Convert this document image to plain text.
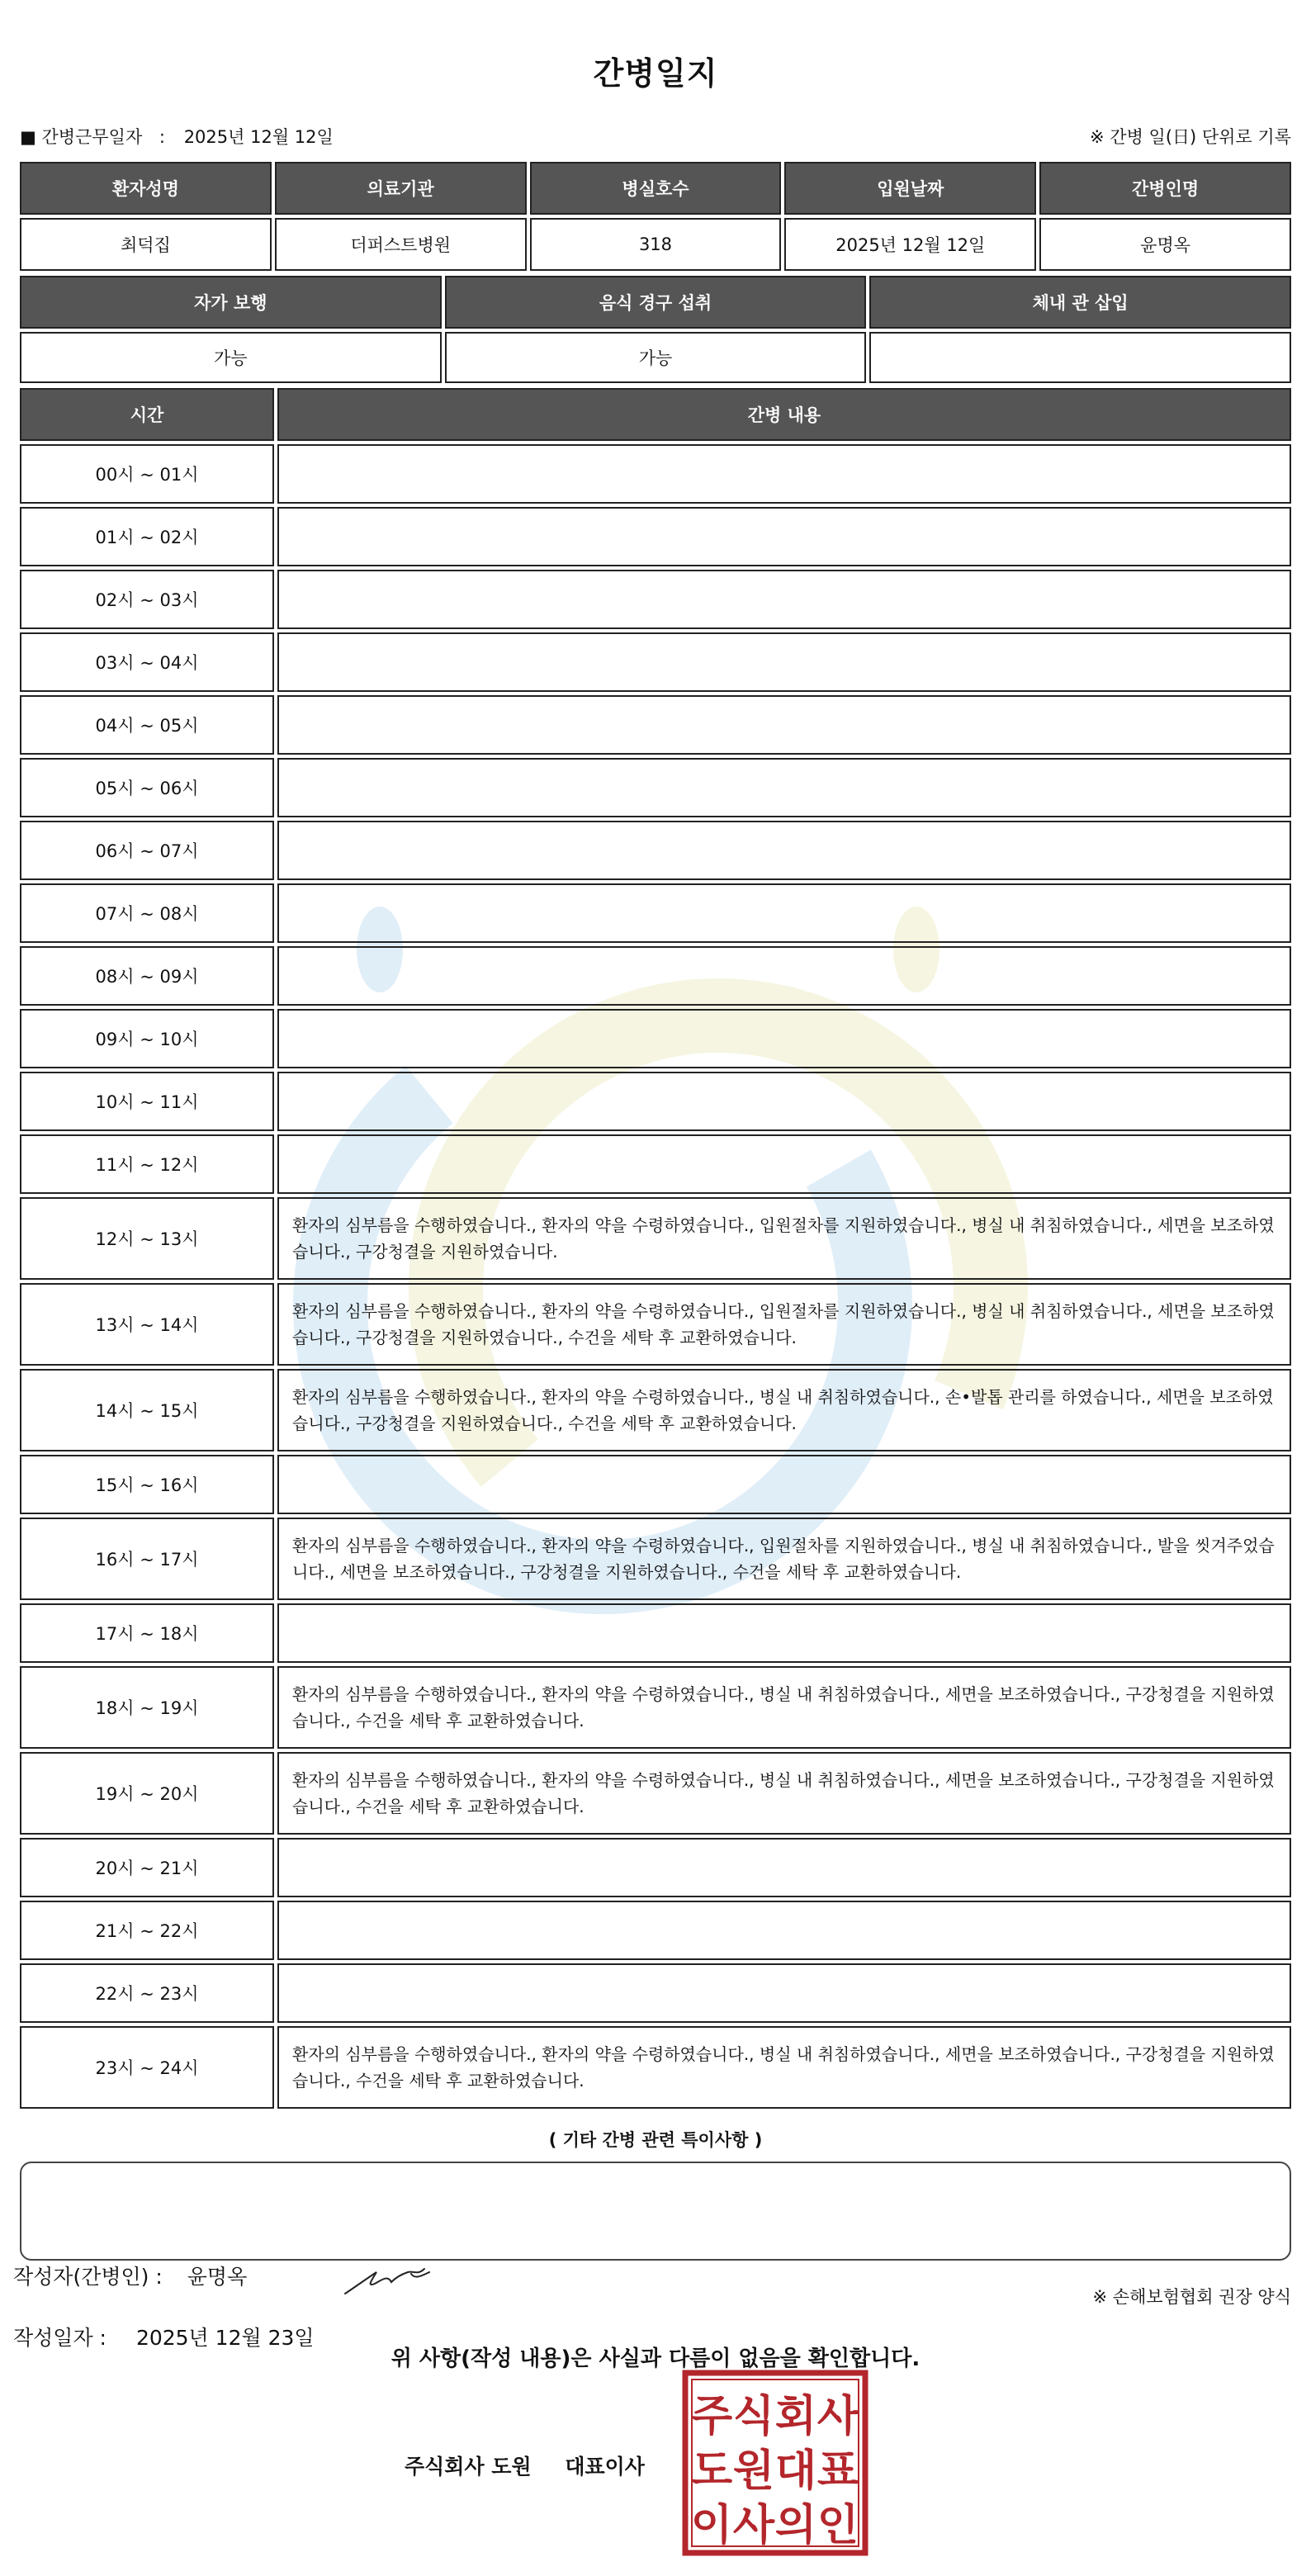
간병일지
■ 간병근무일자 : 2025년 12월 12일	※ 간병 일(日) 단위로 기록
환자성명	의료기관	병실호수	입원날짜	간병인명
최덕집	더퍼스트병원	318	2025년 12월 12일	윤명옥
자가 보행	음식 경구 섭취	체내 관 삽입
가능	가능	
시간	간병 내용
00시 ~ 01시	
01시 ~ 02시	
02시 ~ 03시	
03시 ~ 04시	
04시 ~ 05시	
05시 ~ 06시	
06시 ~ 07시	
07시 ~ 08시	
08시 ~ 09시	
09시 ~ 10시	
10시 ~ 11시	
11시 ~ 12시	
12시 ~ 13시	환자의 심부름을 수행하였습니다., 환자의 약을 수령하였습니다., 입원절차를 지원하였습니다., 병실 내 취침하였습니다., 세면을 보조하였습니다., 구강청결을 지원하였습니다.
13시 ~ 14시	환자의 심부름을 수행하였습니다., 환자의 약을 수령하였습니다., 입원절차를 지원하였습니다., 병실 내 취침하였습니다., 세면을 보조하였습니다., 구강청결을 지원하였습니다., 수건을 세탁 후 교환하였습니다.
14시 ~ 15시	환자의 심부름을 수행하였습니다., 환자의 약을 수령하였습니다., 병실 내 취침하였습니다., 손•발톱 관리를 하였습니다., 세면을 보조하였습니다., 구강청결을 지원하였습니다., 수건을 세탁 후 교환하였습니다.
15시 ~ 16시	
16시 ~ 17시	환자의 심부름을 수행하였습니다., 환자의 약을 수령하였습니다., 입원절차를 지원하였습니다., 병실 내 취침하였습니다., 발을 씻겨주었습니다., 세면을 보조하였습니다., 구강청결을 지원하였습니다., 수건을 세탁 후 교환하였습니다.
17시 ~ 18시	
18시 ~ 19시	환자의 심부름을 수행하였습니다., 환자의 약을 수령하였습니다., 병실 내 취침하였습니다., 세면을 보조하였습니다., 구강청결을 지원하였습니다., 수건을 세탁 후 교환하였습니다.
19시 ~ 20시	환자의 심부름을 수행하였습니다., 환자의 약을 수령하였습니다., 병실 내 취침하였습니다., 세면을 보조하였습니다., 구강청결을 지원하였습니다., 수건을 세탁 후 교환하였습니다.
20시 ~ 21시	
21시 ~ 22시	
22시 ~ 23시	
23시 ~ 24시	환자의 심부름을 수행하였습니다., 환자의 약을 수령하였습니다., 병실 내 취침하였습니다., 세면을 보조하였습니다., 구강청결을 지원하였습니다., 수건을 세탁 후 교환하였습니다.
( 기타 간병 관련 특이사항 )
※ 손해보험협회 권장 양식
위 사항(작성 내용)은 사실과 다름이 없음을 확인합니다.
작성자(간병인) : 윤명옥
작성일자 : 2025년 12월 23일
주식회사 도원 대표이사
주 식 회 사
도 원 대 표
이 사 의 인
